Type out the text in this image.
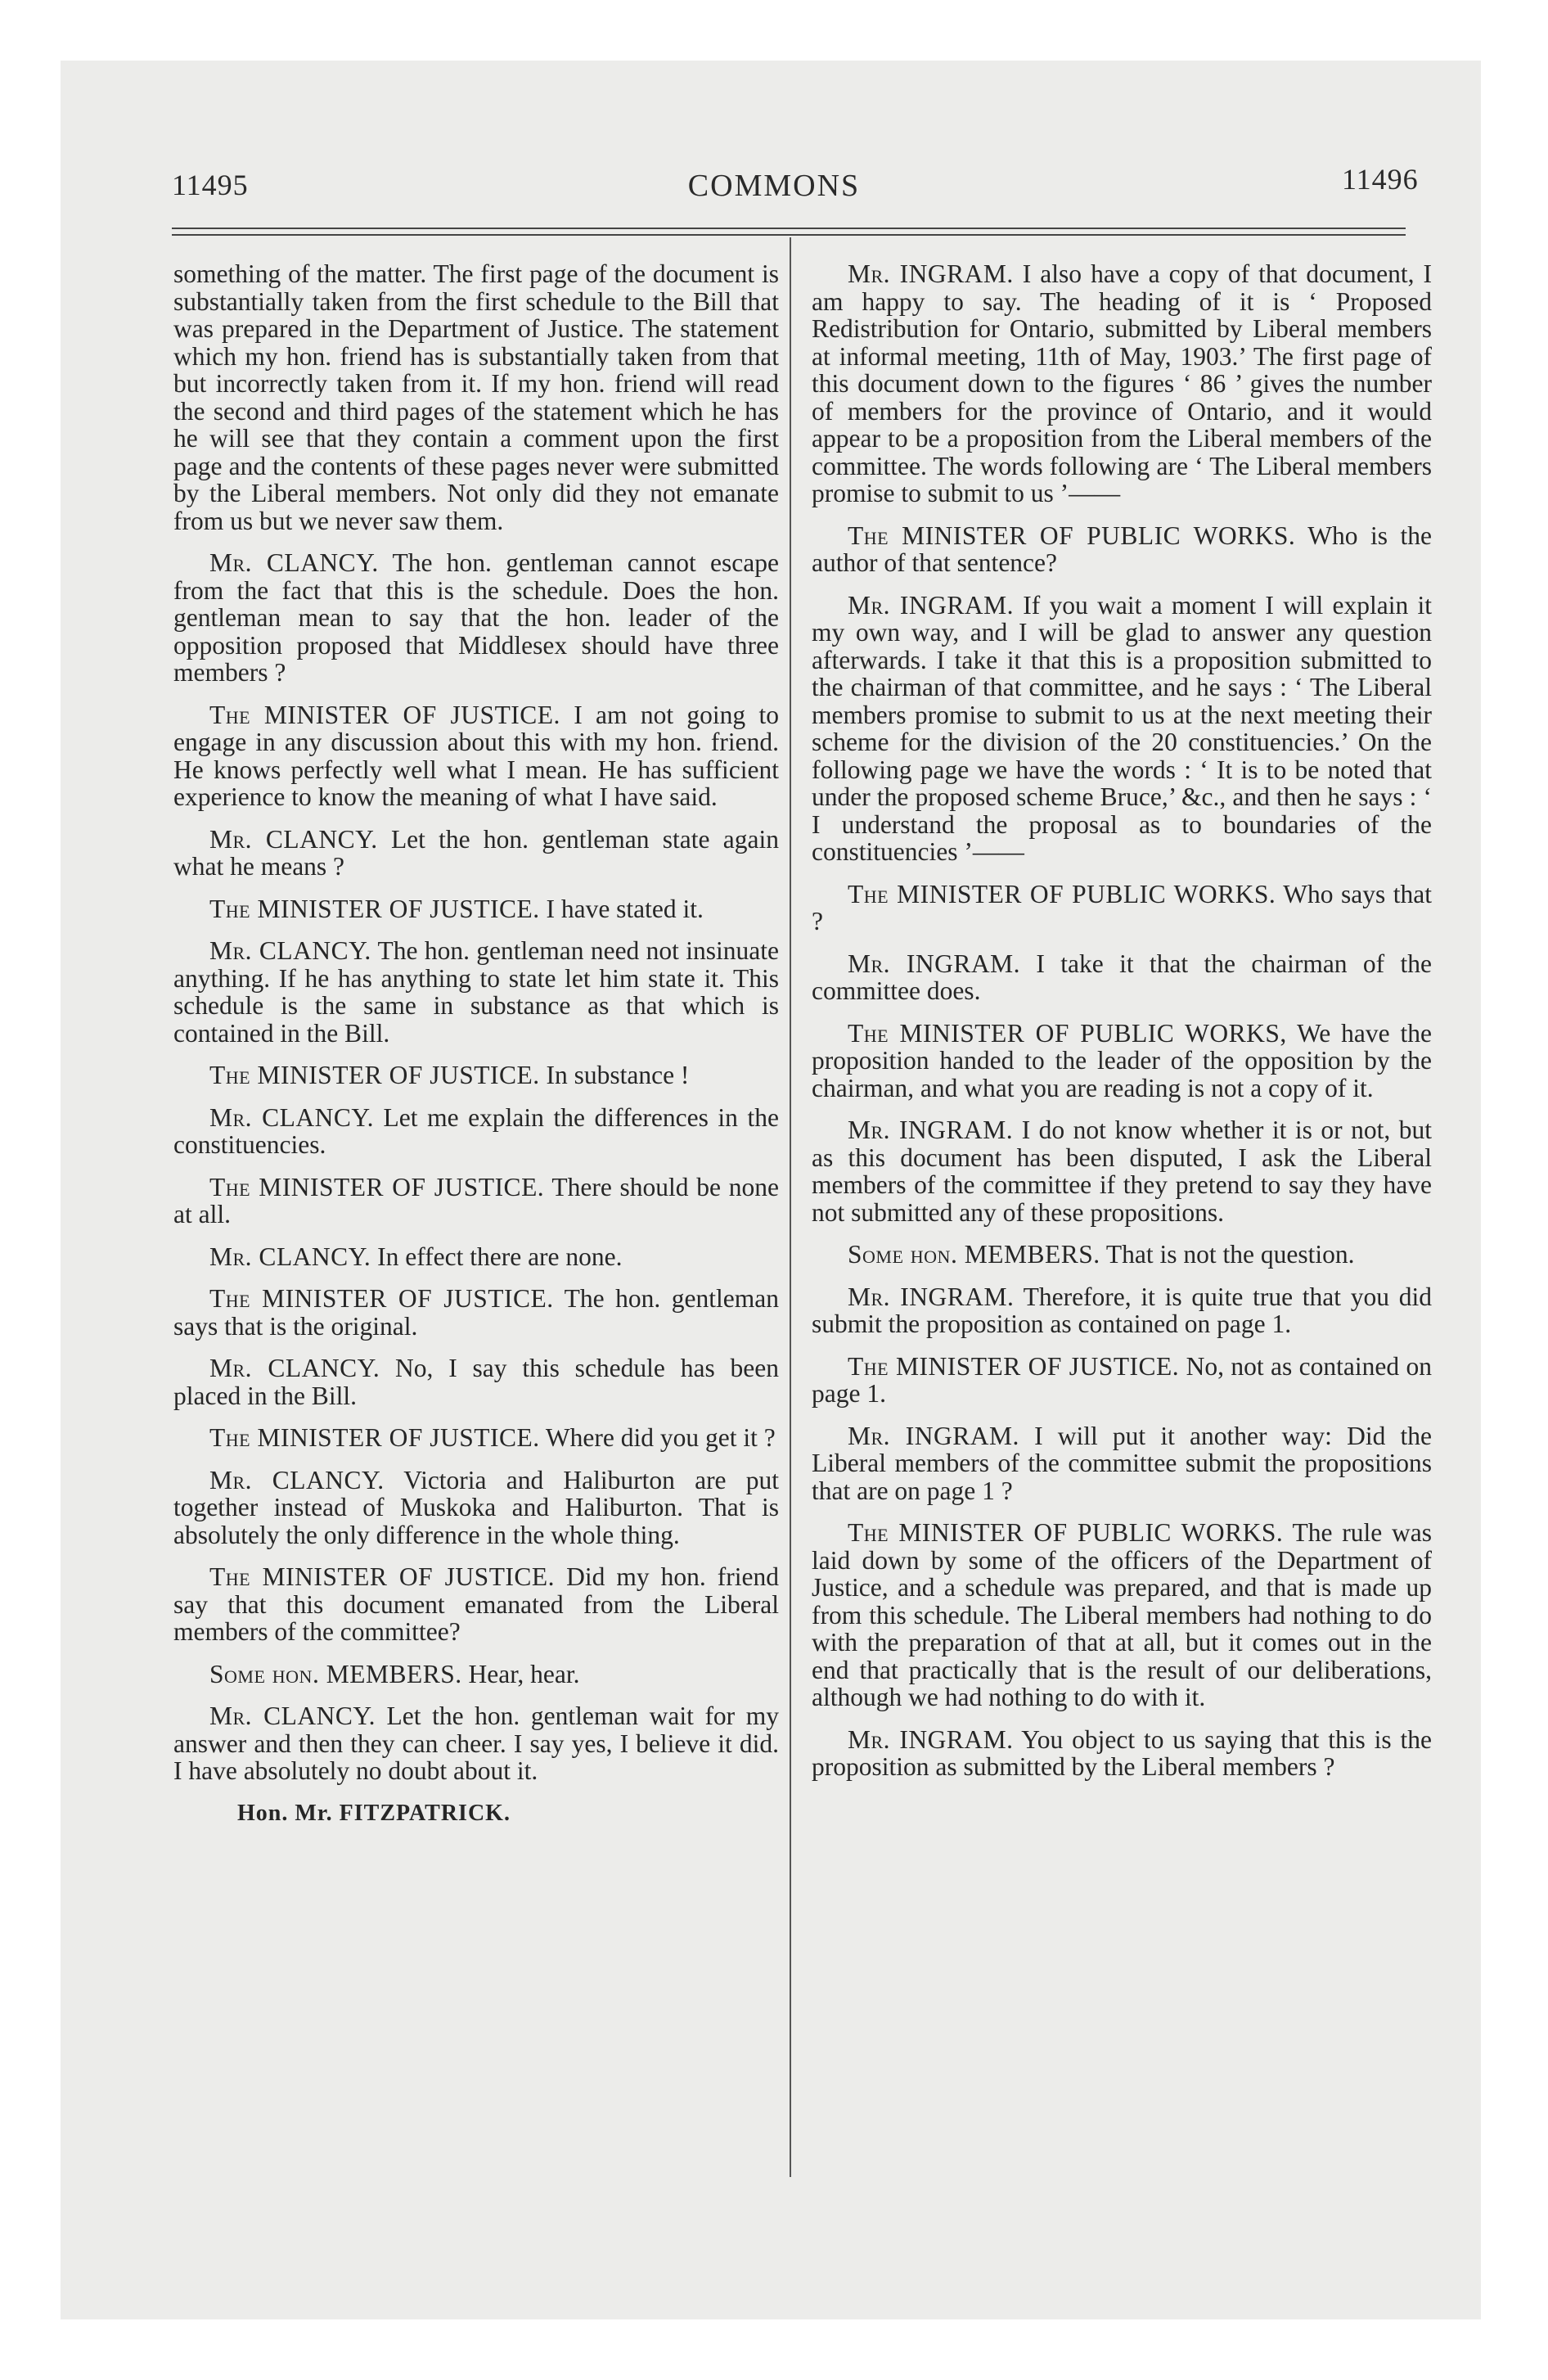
11495	COMMONS	11496

something of the matter. The first page of the document is substantially taken from the first schedule to the Bill that was prepared in the Department of Justice. The statement which my hon. friend has is substantially taken from that but incorrectly taken from it. If my hon. friend will read the second and third pages of the statement which he has he will see that they contain a comment upon the first page and the contents of these pages never were submitted by the Liberal members. Not only did they not emanate from us but we never saw them.

Mr. CLANCY. The hon. gentleman cannot escape from the fact that this is the schedule. Does the hon. gentleman mean to say that the hon. leader of the opposition proposed that Middlesex should have three members ?

The MINISTER OF JUSTICE. I am not going to engage in any discussion about this with my hon. friend. He knows perfectly well what I mean. He has sufficient experience to know the meaning of what I have said.

Mr. CLANCY. Let the hon. gentleman state again what he means ?

The MINISTER OF JUSTICE. I have stated it.

Mr. CLANCY. The hon. gentleman need not insinuate anything. If he has anything to state let him state it. This schedule is the same in substance as that which is contained in the Bill.

The MINISTER OF JUSTICE. In substance !

Mr. CLANCY. Let me explain the differences in the constituencies.

The MINISTER OF JUSTICE. There should be none at all.

Mr. CLANCY. In effect there are none.

The MINISTER OF JUSTICE. The hon. gentleman says that is the original.

Mr. CLANCY. No, I say this schedule has been placed in the Bill.

The MINISTER OF JUSTICE. Where did you get it ?

Mr. CLANCY. Victoria and Haliburton are put together instead of Muskoka and Haliburton. That is absolutely the only difference in the whole thing.

The MINISTER OF JUSTICE. Did my hon. friend say that this document emanated from the Liberal members of the committee?

Some hon. MEMBERS. Hear, hear.

Mr. CLANCY. Let the hon. gentleman wait for my answer and then they can cheer. I say yes, I believe it did. I have absolutely no doubt about it.

Hon. Mr. FITZPATRICK.

Mr. INGRAM. I also have a copy of that document, I am happy to say. The heading of it is ‘ Proposed Redistribution for Ontario, submitted by Liberal members at informal meeting, 11th of May, 1903.’ The first page of this document down to the figures ‘ 86 ’ gives the number of members for the province of Ontario, and it would appear to be a proposition from the Liberal members of the committee. The words following are ‘ The Liberal members promise to submit to us ’——

The MINISTER OF PUBLIC WORKS. Who is the author of that sentence?

Mr. INGRAM. If you wait a moment I will explain it my own way, and I will be glad to answer any question afterwards. I take it that this is a proposition submitted to the chairman of that committee, and he says : ‘ The Liberal members promise to submit to us at the next meeting their scheme for the division of the 20 constituencies.’ On the following page we have the words : ‘ It is to be noted that under the proposed scheme Bruce,’ &c., and then he says : ‘ I understand the proposal as to boundaries of the constituencies ’——

The MINISTER OF PUBLIC WORKS. Who says that ?

Mr. INGRAM. I take it that the chairman of the committee does.

The MINISTER OF PUBLIC WORKS, We have the proposition handed to the leader of the opposition by the chairman, and what you are reading is not a copy of it.

Mr. INGRAM. I do not know whether it is or not, but as this document has been disputed, I ask the Liberal members of the committee if they pretend to say they have not submitted any of these propositions.

Some hon. MEMBERS. That is not the question.

Mr. INGRAM. Therefore, it is quite true that you did submit the proposition as contained on page 1.

The MINISTER OF JUSTICE. No, not as contained on page 1.

Mr. INGRAM. I will put it another way: Did the Liberal members of the committee submit the propositions that are on page 1 ?

The MINISTER OF PUBLIC WORKS. The rule was laid down by some of the officers of the Department of Justice, and a schedule was prepared, and that is made up from this schedule. The Liberal members had nothing to do with the preparation of that at all, but it comes out in the end that practically that is the result of our deliberations, although we had nothing to do with it.

Mr. INGRAM. You object to us saying that this is the proposition as submitted by the Liberal members ?
